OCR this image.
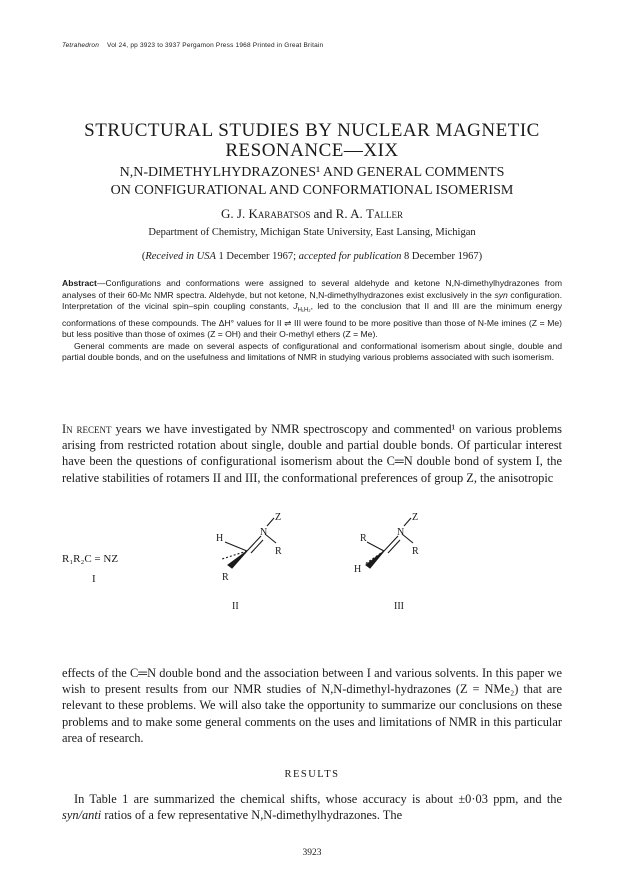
Tetrahedron Vol 24, pp 3923 to 3937 Pergamon Press 1968 Printed in Great Britain
STRUCTURAL STUDIES BY NUCLEAR MAGNETIC
RESONANCE—XIX
N,N-DIMETHYLHYDRAZONES¹ AND GENERAL COMMENTS
ON CONFIGURATIONAL AND CONFORMATIONAL ISOMERISM
G. J. Karabatsos and R. A. Taller
Department of Chemistry, Michigan State University, East Lansing, Michigan
(Received in USA 1 December 1967; accepted for publication 8 December 1967)

Abstract—Configurations and conformations were assigned to several aldehyde and ketone N,N-dimethylhydrazones from analyses of their 60-Mc NMR spectra. Aldehyde, but not ketone, N,N-dimethylhydrazones exist exclusively in the syn configuration. Interpretation of the vicinal spin–spin coupling constants, $J_{H_1H_2}$, led to the conclusion that II and III are the minimum energy conformations of these compounds. The ΔH° values for II ⇌ III were found to be more positive than those of N-Me imines (Z = Me) but less positive than those of oximes (Z = OH) and their O-methyl ethers (Z = Me).

General comments are made on several aspects of configurational and conformational isomerism about single, double and partial double bonds, and on the usefulness and limitations of NMR in studying various problems associated with such isomerism.

In recent years we have investigated by NMR spectroscopy and commented¹ on various problems arising from restricted rotation about single, double and partial double bonds. Of particular interest have been the questions of configurational isomerism about the C═N double bond of system I, the relative stabilities of rotamers II and III, the conformational preferences of group Z, the anisotropic

R₁R₂C = NZ
I
N
Z
H
R
R
II
N
Z
R
R
H
III

effects of the C═N double bond and the association between I and various solvents. In this paper we wish to present results from our NMR studies of N,N-dimethyl-hydrazones (Z = NMe₂) that are relevant to these problems. We will also take the opportunity to summarize our conclusions on these problems and to make some general comments on the uses and limitations of NMR in this particular area of research.

RESULTS

In Table 1 are summarized the chemical shifts, whose accuracy is about ±0·03 ppm, and the syn/anti ratios of a few representative N,N-dimethylhydrazones. The

3923
